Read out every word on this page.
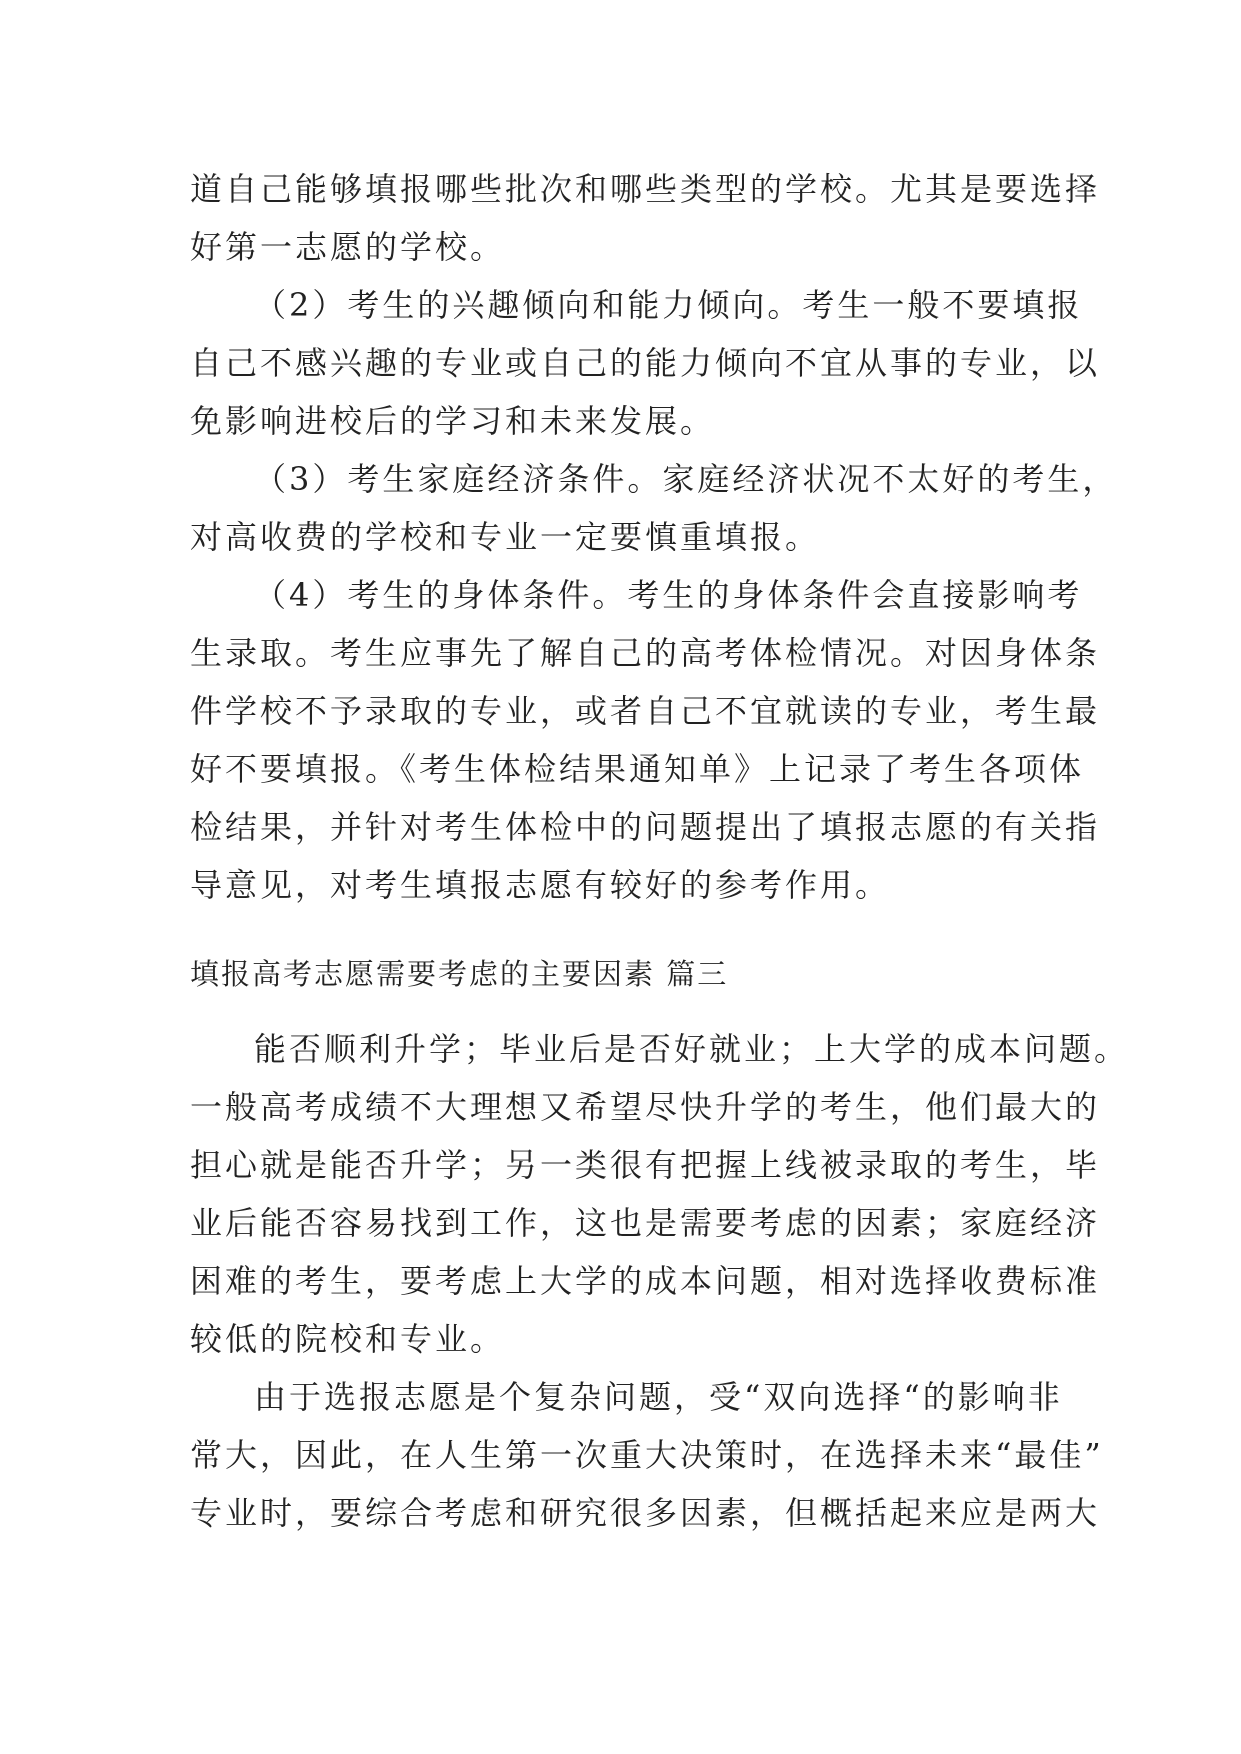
道自己能够填报哪些批次和哪些类型的学校。尤其是要选择
好第一志愿的学校。
（2）考生的兴趣倾向和能力倾向。考生一般不要填报
自己不感兴趣的专业或自己的能力倾向不宜从事的专业，以
免影响进校后的学习和未来发展。
（3）考生家庭经济条件。家庭经济状况不太好的考生，
对高收费的学校和专业一定要慎重填报。
（4）考生的身体条件。考生的身体条件会直接影响考
生录取。考生应事先了解自己的高考体检情况。对因身体条
件学校不予录取的专业，或者自己不宜就读的专业，考生最
好不要填报。《考生体检结果通知单》上记录了考生各项体
检结果，并针对考生体检中的问题提出了填报志愿的有关指
导意见，对考生填报志愿有较好的参考作用。
填报高考志愿需要考虑的主要因素 篇三
能否顺利升学；毕业后是否好就业；上大学的成本问题。
一般高考成绩不大理想又希望尽快升学的考生，他们最大的
担心就是能否升学；另一类很有把握上线被录取的考生，毕
业后能否容易找到工作，这也是需要考虑的因素；家庭经济
困难的考生，要考虑上大学的成本问题，相对选择收费标准
较低的院校和专业。
由于选报志愿是个复杂问题，受“双向选择“的影响非
常大，因此，在人生第一次重大决策时，在选择未来“最佳”
专业时，要综合考虑和研究很多因素，但概括起来应是两大
